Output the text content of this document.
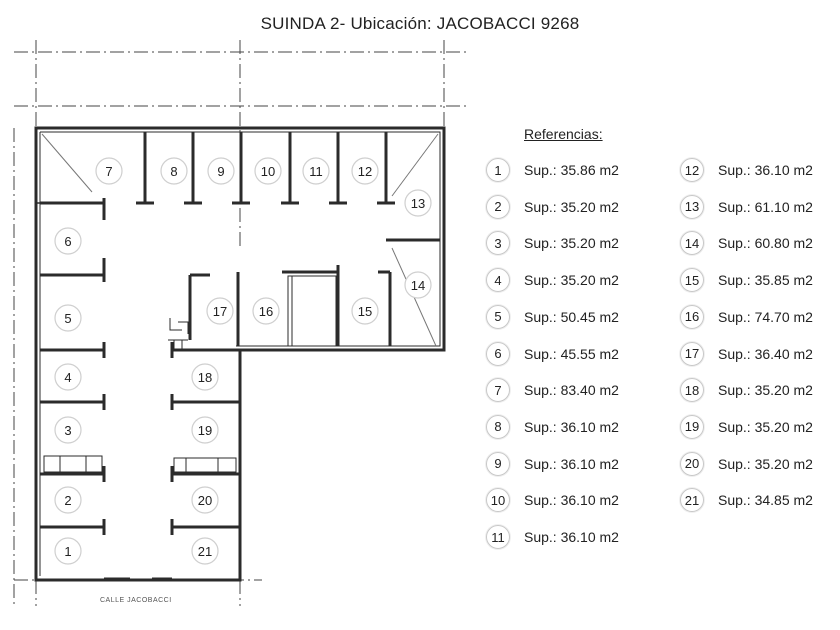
SUINDA 2- Ubicación: JACOBACCI 9268
1
2
3
4
5
6
7	8	9	10	11	12
13
14
15
16
17
18
19
20
21
CALLE JACOBACCI
Referencias:
1	Sup.: 35.86 m2
2	Sup.: 35.20 m2
3	Sup.: 35.20 m2
4	Sup.: 35.20 m2
5	Sup.: 50.45 m2
6	Sup.: 45.55 m2
7	Sup.: 83.40 m2
8	Sup.: 36.10 m2
9	Sup.: 36.10 m2
10	Sup.: 36.10 m2
11	Sup.: 36.10 m2
12	Sup.: 36.10 m2
13	Sup.: 61.10 m2
14	Sup.: 60.80 m2
15	Sup.: 35.85 m2
16	Sup.: 74.70 m2
17	Sup.: 36.40 m2
18	Sup.: 35.20 m2
19	Sup.: 35.20 m2
20	Sup.: 35.20 m2
21	Sup.: 34.85 m2
